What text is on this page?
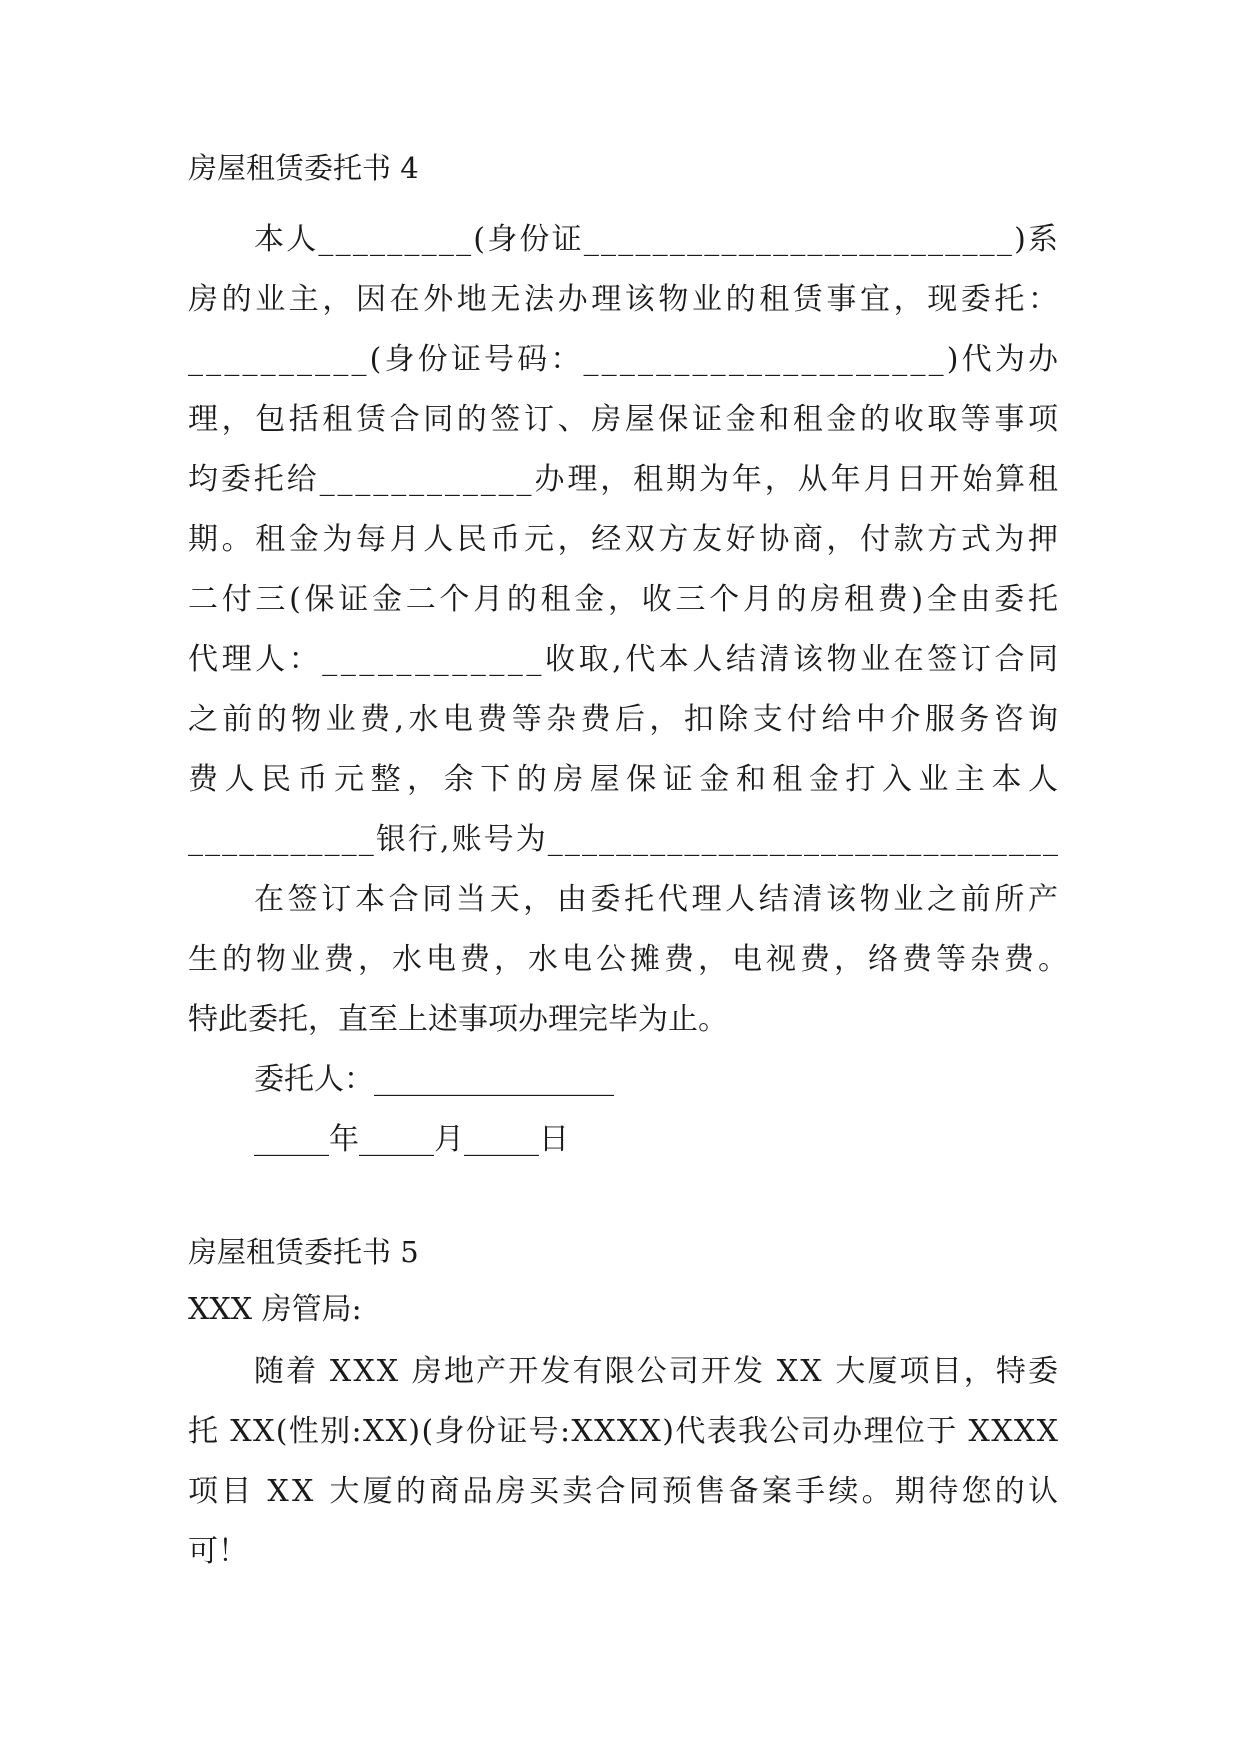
房屋租赁委托书 4
本人_________(身份证_________________________)系
房的业主，因在外地无法办理该物业的租赁事宜，现委托：
__________(身份证号码：____________________)代为办
理，包括租赁合同的签订、房屋保证金和租金的收取等事项
均委托给____________办理，租期为年，从年月日开始算租
期。租金为每月人民币元，经双方友好协商，付款方式为押
二付三(保证金二个月的租金，收三个月的房租费)全由委托
代理人：____________收取,代本人结清该物业在签订合同
之前的物业费,水电费等杂费后，扣除支付给中介服务咨询
费人民币元整，余下的房屋保证金和租金打入业主本人
___________银行,账号为______________________________
在签订本合同当天，由委托代理人结清该物业之前所产
生的物业费，水电费，水电公摊费，电视费，络费等杂费。
特此委托，直至上述事项办理完毕为止。
委托人：________________
_____年_____月_____日
房屋租赁委托书 5
XXX 房管局:
随着 XXX 房地产开发有限公司开发 XX 大厦项目，特委
托 XX(性别:XX)(身份证号:XXXX)代表我公司办理位于 XXXX
项目 XX 大厦的商品房买卖合同预售备案手续。期待您的认
可！
